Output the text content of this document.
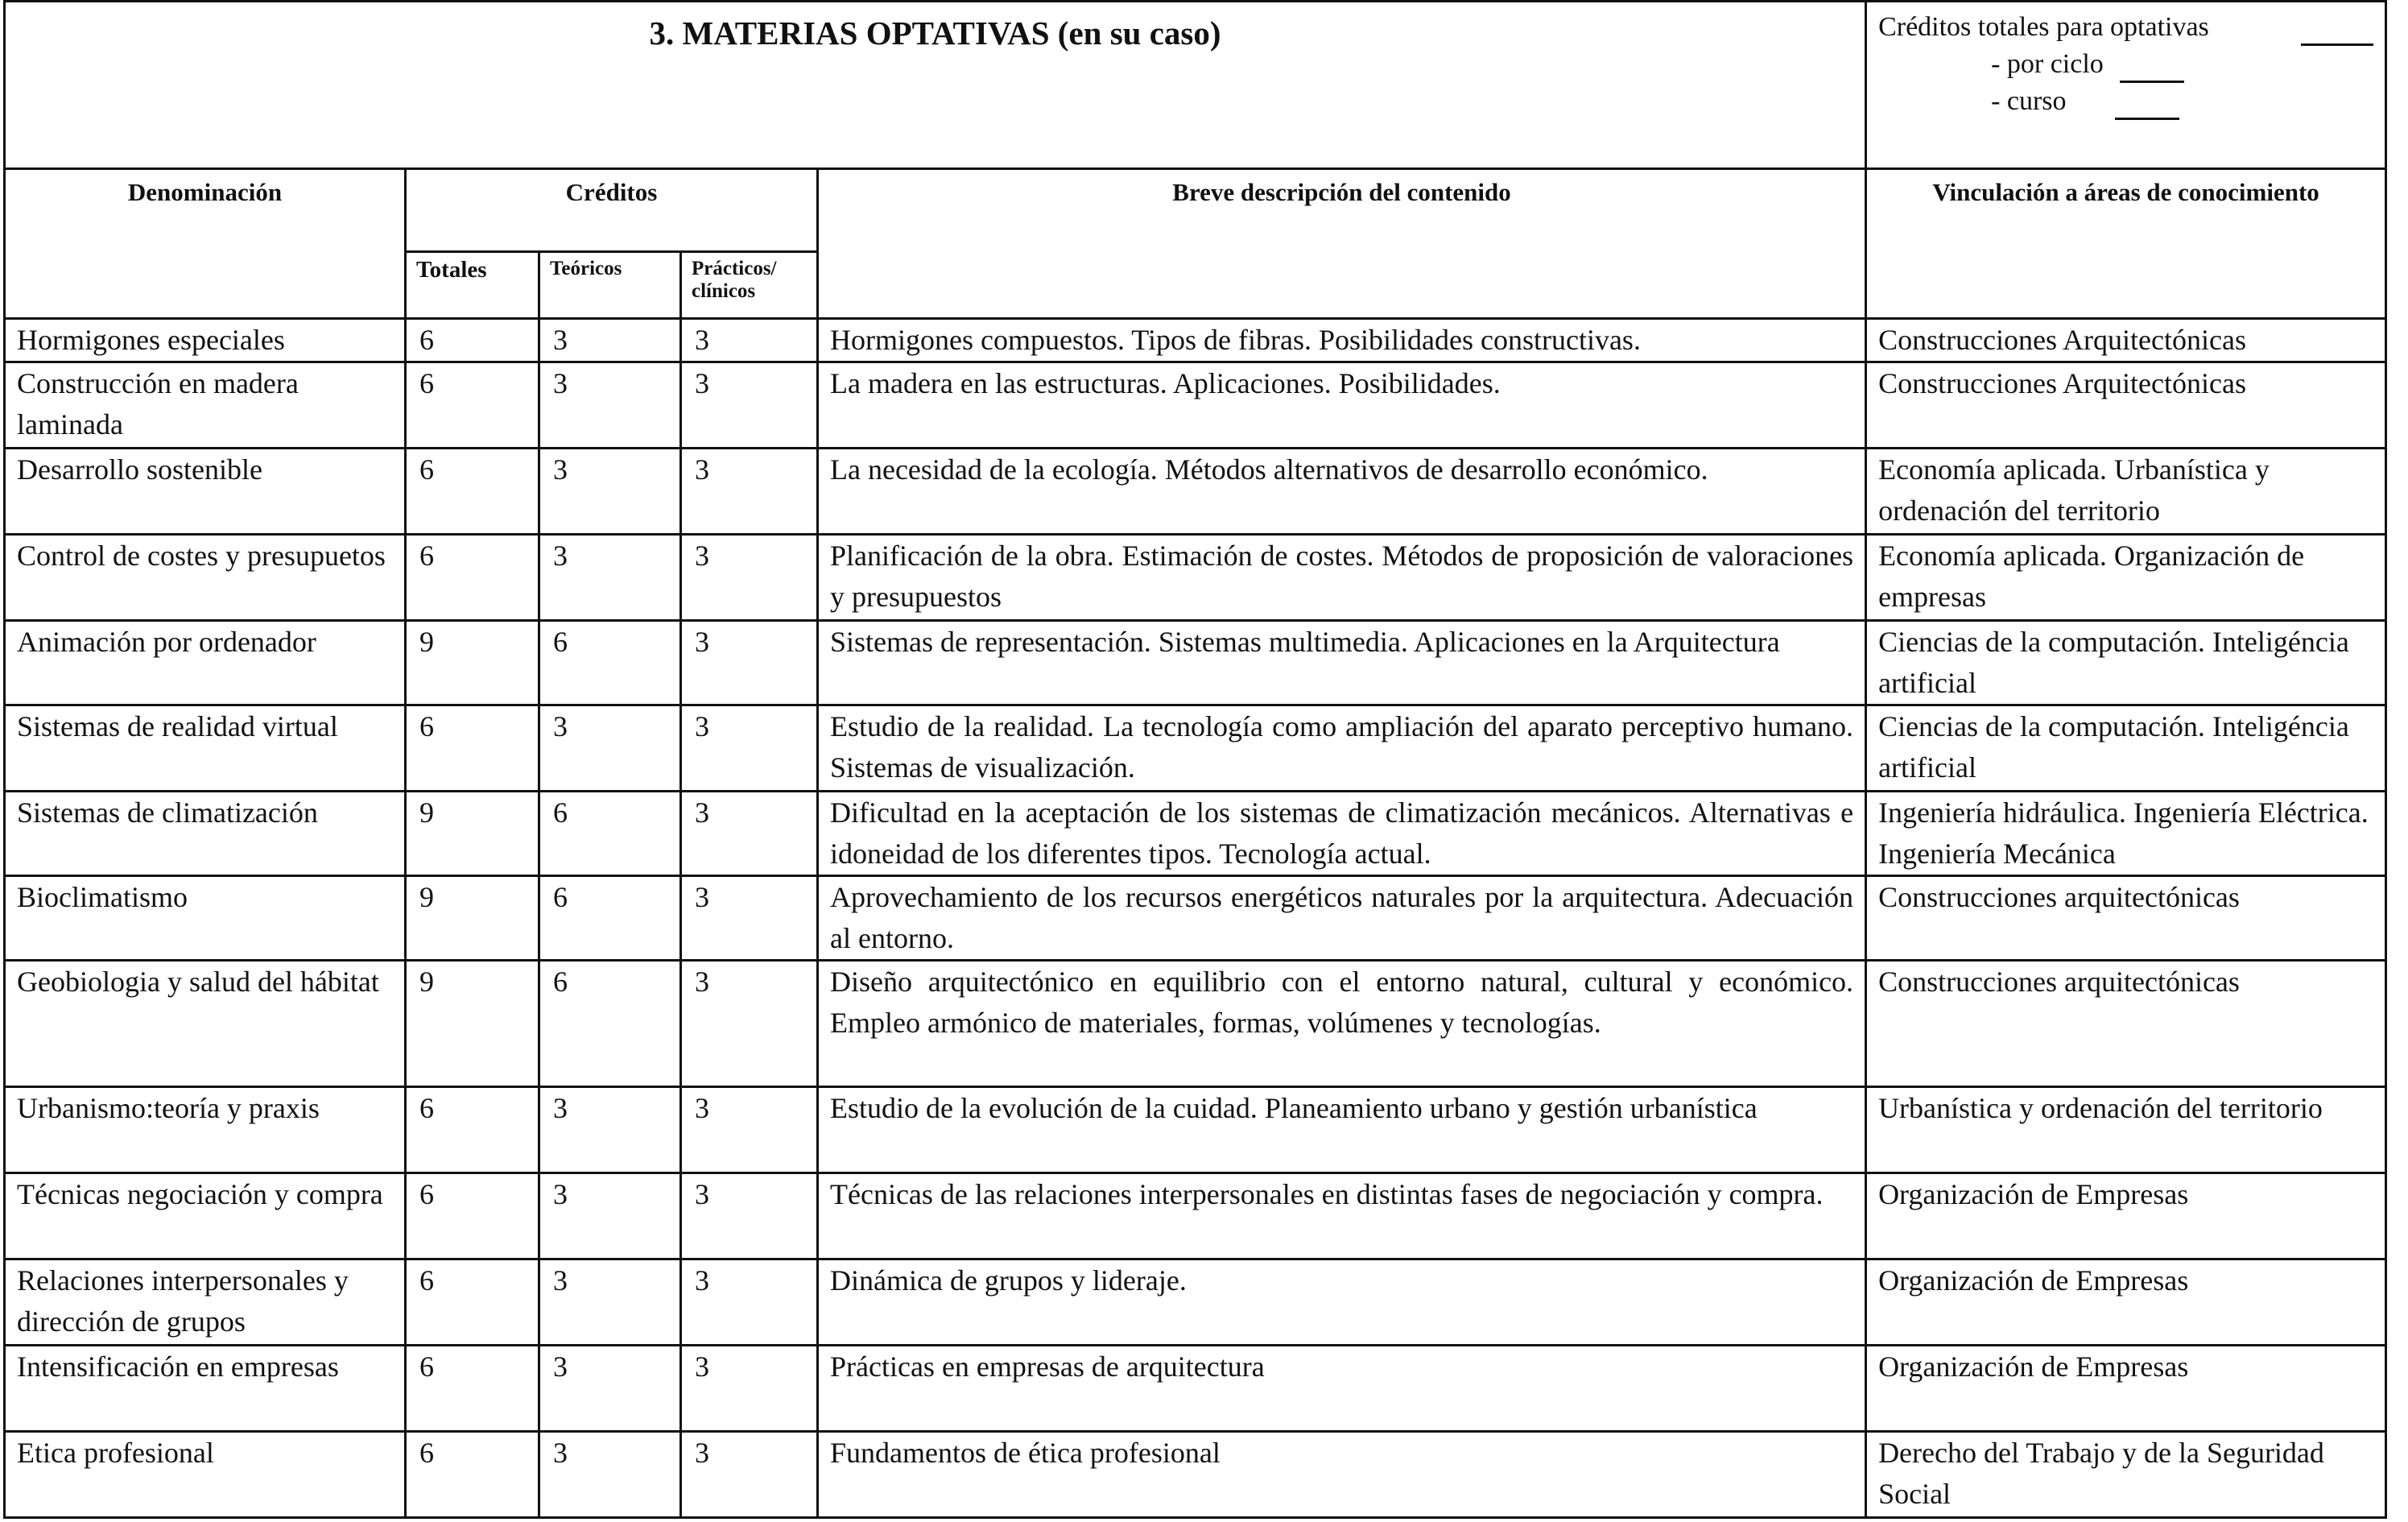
3. MATERIAS OPTATIVAS (en su caso)					Créditos totales para optativas
- por ciclo
- curso

Denominación	Créditos			Breve descripción del contenido	Vinculación a áreas de conocimiento
	Totales	Teóricos	Prácticos/ clínicos		
Hormigones especiales	6	3	3	Hormigones compuestos. Tipos de fibras. Posibilidades constructivas.	Construcciones Arquitectónicas
Construcción en madera laminada	6	3	3	La madera en las estructuras. Aplicaciones. Posibilidades.	Construcciones Arquitectónicas
Desarrollo sostenible	6	3	3	La necesidad de la ecología. Métodos alternativos de desarrollo económico.	Economía aplicada. Urbanística y ordenación del territorio
Control de costes y presupuetos	6	3	3	Planificación de la obra. Estimación de costes. Métodos de proposición de valoraciones y presupuestos	Economía aplicada. Organización de empresas
Animación por ordenador	9	6	3	Sistemas de representación. Sistemas multimedia. Aplicaciones en la Arquitectura	Ciencias de la computación. Inteligéncia artificial
Sistemas de realidad virtual	6	3	3	Estudio de la realidad. La tecnología como ampliación del aparato perceptivo humano. Sistemas de visualización.	Ciencias de la computación. Inteligéncia artificial
Sistemas de climatización	9	6	3	Dificultad en la aceptación de los sistemas de climatización mecánicos. Alternativas e idoneidad de los diferentes tipos. Tecnología actual.	Ingeniería hidráulica. Ingeniería Eléctrica. Ingeniería Mecánica
Bioclimatismo	9	6	3	Aprovechamiento de los recursos energéticos naturales por la arquitectura. Adecuación al entorno.	Construcciones arquitectónicas
Geobiologia y salud del hábitat	9	6	3	Diseño arquitectónico en equilibrio con el entorno natural, cultural y económico. Empleo armónico de materiales, formas, volúmenes y tecnologías.	Construcciones arquitectónicas
Urbanismo:teoría y praxis	6	3	3	Estudio de la evolución de la cuidad. Planeamiento urbano y gestión urbanística	Urbanística y ordenación del territorio
Técnicas negociación y compra	6	3	3	Técnicas de las relaciones interpersonales en distintas fases de negociación y compra.	Organización de Empresas
Relaciones interpersonales y dirección de grupos	6	3	3	Dinámica de grupos y lideraje.	Organización de Empresas
Intensificación en empresas	6	3	3	Prácticas en empresas de arquitectura	Organización de Empresas
Etica profesional	6	3	3	Fundamentos de ética profesional	Derecho del Trabajo y de la Seguridad Social
